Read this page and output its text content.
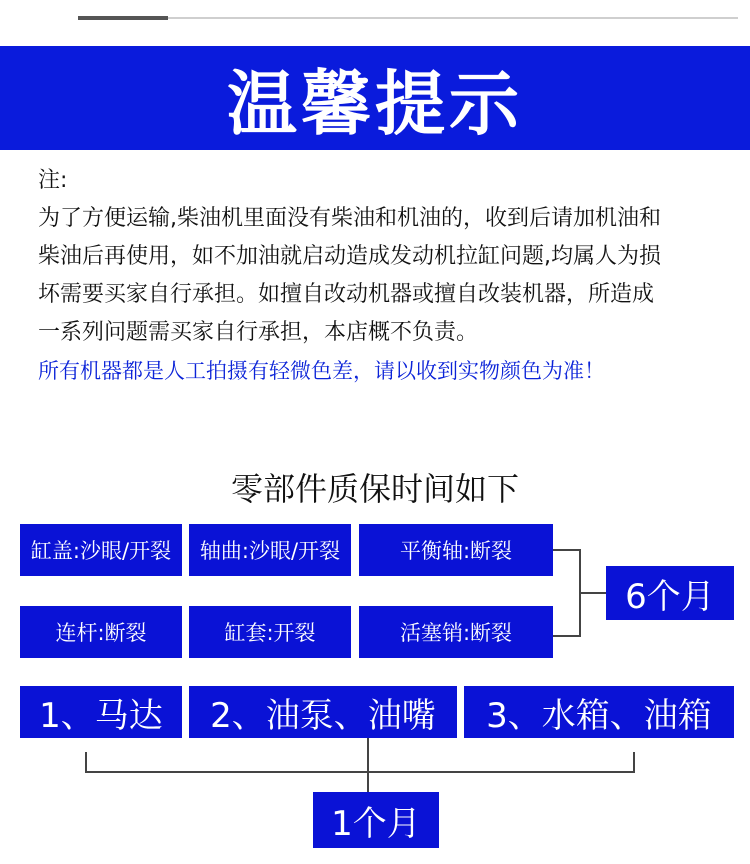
温馨提示

注:

为了方便运输,柴油机里面没有柴油和机油的，收到后请加机油和

柴油后再使用，如不加油就启动造成发动机拉缸问题,均属人为损

坏需要买家自行承担。如擅自改动机器或擅自改装机器，所造成

一系列问题需买家自行承担，本店概不负责。

所有机器都是人工拍摄有轻微色差，请以收到实物颜色为准！

零部件质保时间如下
缸盖:沙眼/开裂	轴曲:沙眼/开裂	平衡轴:断裂
连杆:断裂	缸套:开裂	活塞销:断裂
6个月
1、马达	2、油泵、油嘴	3、水箱、油箱
1个月
